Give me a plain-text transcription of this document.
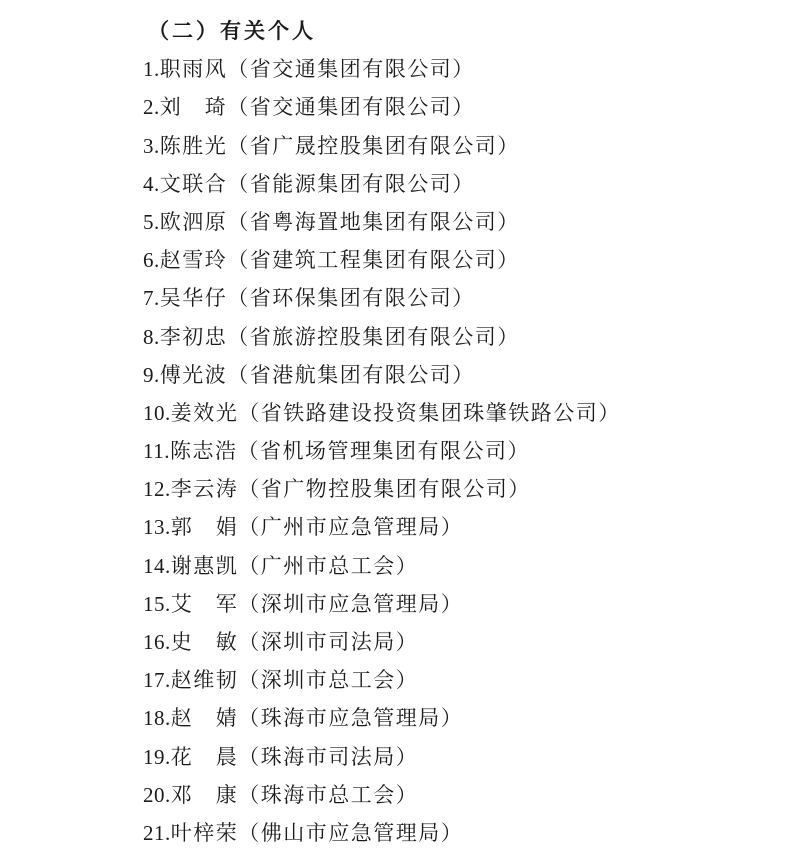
（二）有关个人
1.职雨风（省交通集团有限公司）
2.刘　琦（省交通集团有限公司）
3.陈胜光（省广晟控股集团有限公司）
4.文联合（省能源集团有限公司）
5.欧泗原（省粤海置地集团有限公司）
6.赵雪玲（省建筑工程集团有限公司）
7.吴华仔（省环保集团有限公司）
8.李初忠（省旅游控股集团有限公司）
9.傅光波（省港航集团有限公司）
10.姜效光（省铁路建设投资集团珠肇铁路公司）
11.陈志浩（省机场管理集团有限公司）
12.李云涛（省广物控股集团有限公司）
13.郭　娟（广州市应急管理局）
14.谢惠凯（广州市总工会）
15.艾　军（深圳市应急管理局）
16.史　敏（深圳市司法局）
17.赵维韧（深圳市总工会）
18.赵　婧（珠海市应急管理局）
19.花　晨（珠海市司法局）
20.邓　康（珠海市总工会）
21.叶梓荣（佛山市应急管理局）
